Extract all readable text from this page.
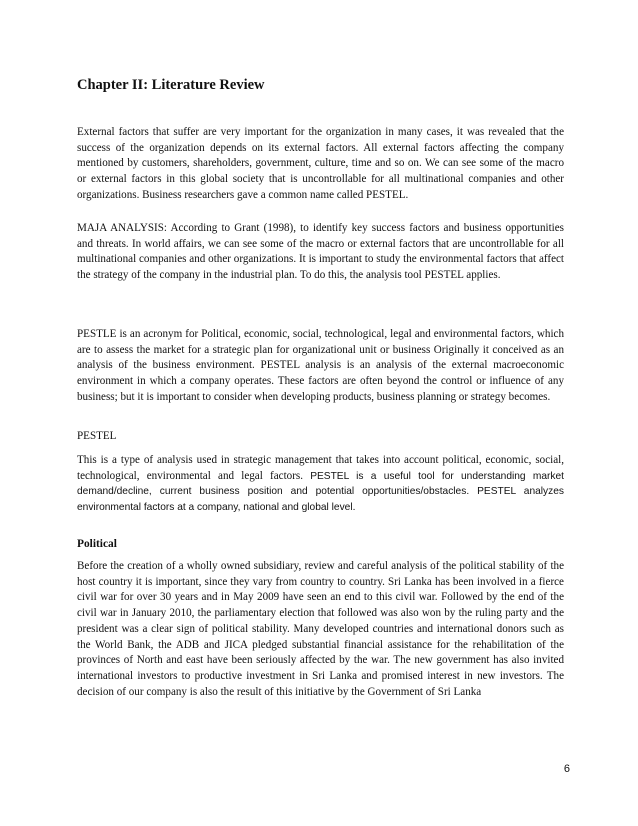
Chapter II: Literature Review
External factors that suffer are very important for the organization in many cases, it was revealed that the success of the organization depends on its external factors. All external factors affecting the company mentioned by customers, shareholders, government, culture, time and so on. We can see some of the macro or external factors in this global society that is uncontrollable for all multinational companies and other organizations. Business researchers gave a common name called PESTEL.
MAJA ANALYSIS: According to Grant (1998), to identify key success factors and business opportunities and threats. In world affairs, we can see some of the macro or external factors that are uncontrollable for all multinational companies and other organizations. It is important to study the environmental factors that affect the strategy of the company in the industrial plan. To do this, the analysis tool PESTEL applies.
PESTLE is an acronym for Political, economic, social, technological, legal and environmental factors, which are to assess the market for a strategic plan for organizational unit or business Originally it conceived as an analysis of the business environment. PESTEL analysis is an analysis of the external macroeconomic environment in which a company operates. These factors are often beyond the control or influence of any business; but it is important to consider when developing products, business planning or strategy becomes.
PESTEL
This is a type of analysis used in strategic management that takes into account political, economic, social, technological, environmental and legal factors. PESTEL is a useful tool for understanding market demand/decline, current business position and potential opportunities/obstacles. PESTEL analyzes environmental factors at a company, national and global level.
Political
Before the creation of a wholly owned subsidiary, review and careful analysis of the political stability of the host country it is important, since they vary from country to country. Sri Lanka has been involved in a fierce civil war for over 30 years and in May 2009 have seen an end to this civil war. Followed by the end of the civil war in January 2010, the parliamentary election that followed was also won by the ruling party and the president was a clear sign of political stability. Many developed countries and international donors such as the World Bank, the ADB and JICA pledged substantial financial assistance for the rehabilitation of the provinces of North and east have been seriously affected by the war. The new government has also invited international investors to productive investment in Sri Lanka and promised interest in new investors. The decision of our company is also the result of this initiative by the Government of Sri Lanka
6
